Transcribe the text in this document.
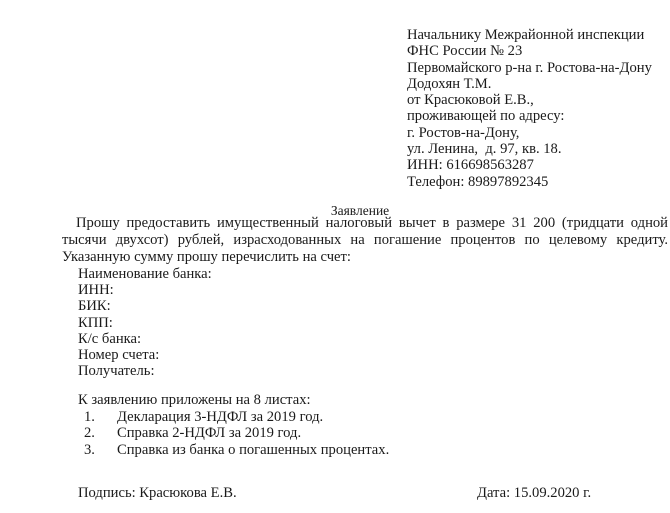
Начальнику Межрайонной инспекции
ФНС России № 23
Первомайского р-на г. Ростова-на-Дону
Додохян Т.М.
от Красюковой Е.В.,
проживающей по адресу:
г. Ростов-на-Дону,
ул. Ленина,  д. 97, кв. 18.
ИНН: 616698563287
Телефон: 89897892345
Заявление
Прошу предоставить имущественный налоговый вычет в размере 31 200 (тридцати одной тысячи двухсот) рублей, израсходованных на погашение процентов по целевому кредиту. Указанную сумму прошу перечислить на счет:
Наименование банка:
ИНН:
БИК:
КПП:
К/с банка:
Номер счета:
Получатель:
К заявлению приложены на 8 листах:
1.	Декларация 3-НДФЛ за 2019 год.
2.	Справка 2-НДФЛ за 2019 год.
3.	Справка из банка о погашенных процентах.
Подпись: Красюкова Е.В.	Дата: 15.09.2020 г.
